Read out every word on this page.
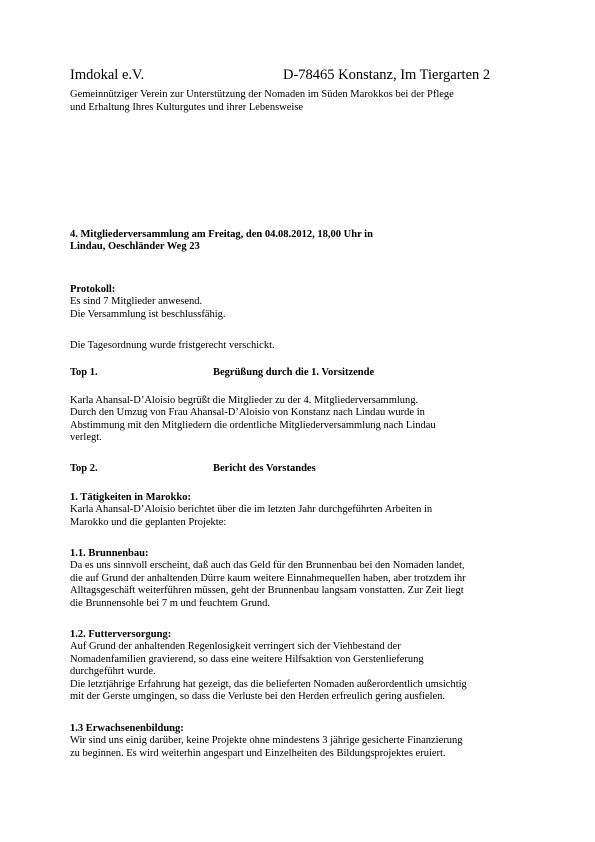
Imdokal e.V.	D-78465 Konstanz, Im Tiergarten 2
Gemeinnütziger Verein zur Unterstützung der Nomaden im Süden Marokkos bei der Pflege
und Erhaltung Ihres Kulturgutes und ihrer Lebensweise
4. Mitgliederversammlung am Freitag, den 04.08.2012, 18,00 Uhr in
Lindau, Oeschländer Weg 23
Protokoll:
Es sind 7 Mitglieder anwesend.
Die Versammlung ist beschlussfähig.
Die Tagesordnung wurde fristgerecht verschickt.
Top 1.	Begrüßung durch die 1. Vorsitzende
Karla Ahansal-D’Aloisio begrüßt die Mitglieder zu der 4. Mitgliederversammlung.
Durch den Umzug von Frau Ahansal-D’Aloisio von Konstanz nach Lindau wurde in
Abstimmung mit den Mitgliedern die ordentliche Mitgliederversammlung nach Lindau
verlegt.
Top 2.	Bericht des Vorstandes
1. Tätigkeiten in Marokko:
Karla Ahansal-D’Aloisio berichtet über die im letzten Jahr durchgeführten Arbeiten in
Marokko und die geplanten Projekte:
1.1. Brunnenbau:
Da es uns sinnvoll erscheint, daß auch das Geld für den Brunnenbau bei den Nomaden landet,
die auf Grund der anhaltenden Dürre kaum weitere Einnahmequellen haben, aber trotzdem ihr
Alltagsgeschäft weiterführen müssen, geht der Brunnenbau langsam vonstatten. Zur Zeit liegt
die Brunnensohle bei 7 m und feuchtem Grund.
1.2. Futterversorgung:
Auf Grund der anhaltenden Regenlosigkeit verringert sich der Viehbestand der
Nomadenfamilien gravierend, so dass eine weitere Hilfsaktion von Gerstenlieferung
durchgeführt wurde.
Die letztjährige Erfahrung hat gezeigt, das die belieferten Nomaden außerordentlich umsichtig
mit der Gerste umgingen, so dass die Verluste bei den Herden erfreulich gering ausfielen.
1.3 Erwachsenenbildung:
Wir sind uns einig darüber, keine Projekte ohne mindestens 3 jährige gesicherte Finanzierung
zu beginnen. Es wird weiterhin angespart und Einzelheiten des Bildungsprojektes eruiert.
